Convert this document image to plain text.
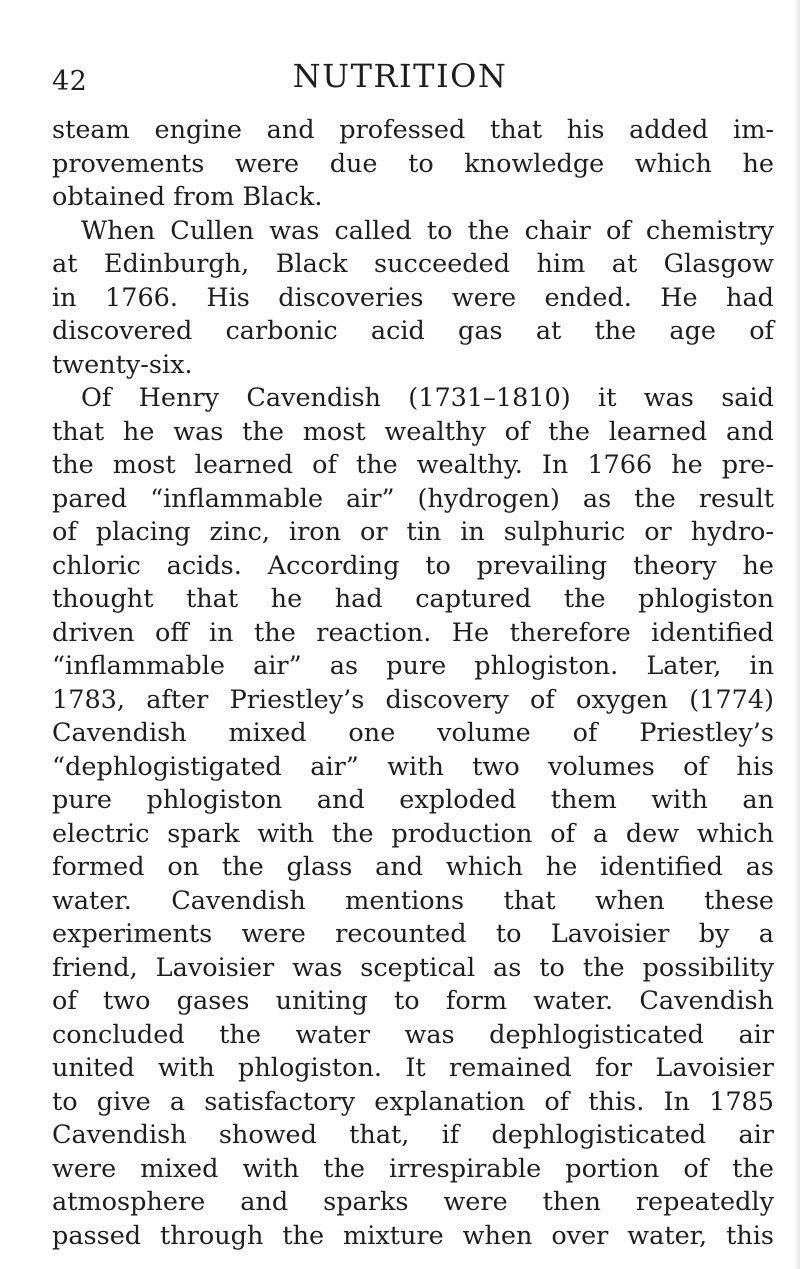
42	NUTRITION
steam engine and professed that his added im-
provements were due to knowledge which he
obtained from Black.
When Cullen was called to the chair of chemistry
at Edinburgh, Black succeeded him at Glasgow
in 1766. His discoveries were ended. He had
discovered carbonic acid gas at the age of
twenty-six.
Of Henry Cavendish (1731–1810) it was said
that he was the most wealthy of the learned and
the most learned of the wealthy. In 1766 he pre-
pared “inflammable air” (hydrogen) as the result
of placing zinc, iron or tin in sulphuric or hydro-
chloric acids. According to prevailing theory he
thought that he had captured the phlogiston
driven off in the reaction. He therefore identified
“inflammable air” as pure phlogiston. Later, in
1783, after Priestley’s discovery of oxygen (1774)
Cavendish mixed one volume of Priestley’s
“dephlogistigated air” with two volumes of his
pure phlogiston and exploded them with an
electric spark with the production of a dew which
formed on the glass and which he identified as
water. Cavendish mentions that when these
experiments were recounted to Lavoisier by a
friend, Lavoisier was sceptical as to the possibility
of two gases uniting to form water. Cavendish
concluded the water was dephlogisticated air
united with phlogiston. It remained for Lavoisier
to give a satisfactory explanation of this. In 1785
Cavendish showed that, if dephlogisticated air
were mixed with the irrespirable portion of the
atmosphere and sparks were then repeatedly
passed through the mixture when over water, this
